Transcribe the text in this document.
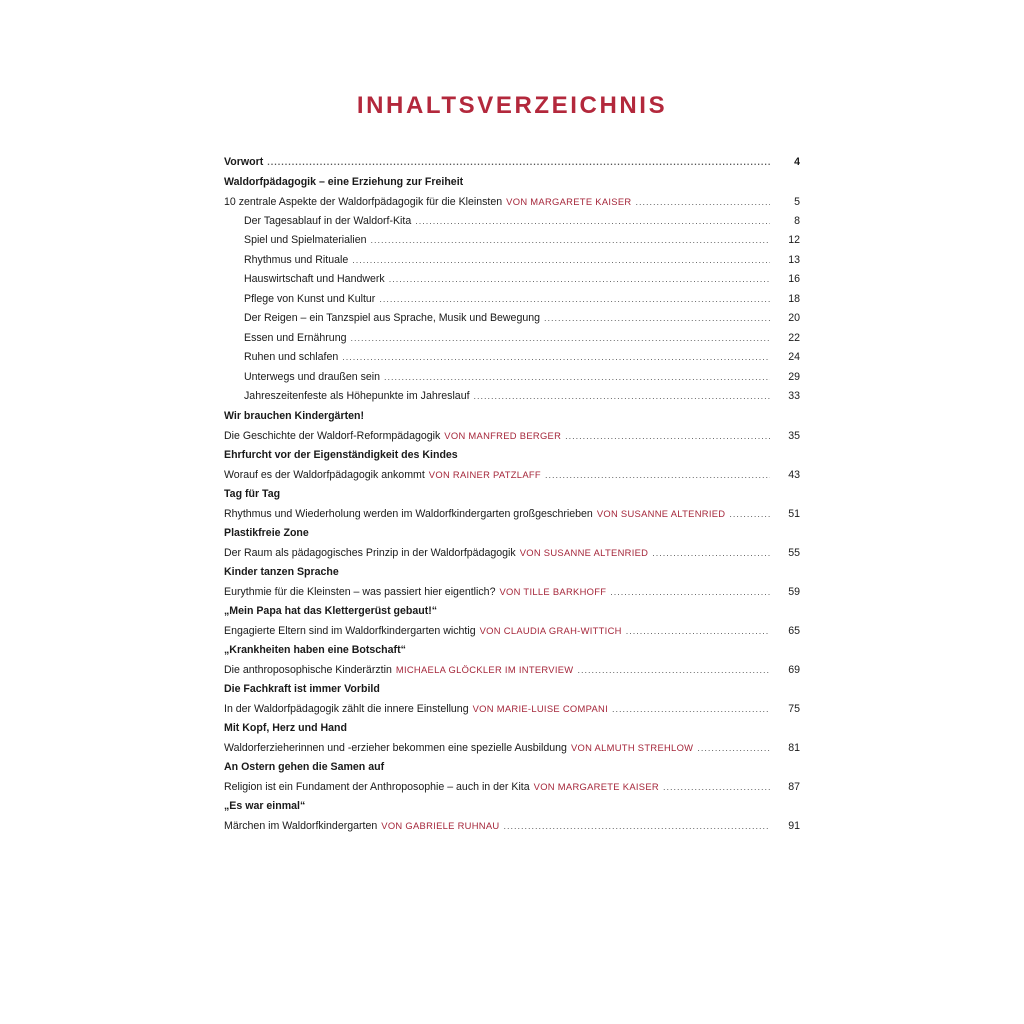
INHALTSVERZEICHNIS
Vorwort .....	4
Waldorfpädagogik – eine Erziehung zur Freiheit
10 zentrale Aspekte der Waldorfpädagogik für die Kleinsten VON MARGARETE KAISER .....	5
Der Tagesablauf in der Waldorf-Kita .....	8
Spiel und Spielmaterialien .....	12
Rhythmus und Rituale .....	13
Hauswirtschaft und Handwerk .....	16
Pflege von Kunst und Kultur .....	18
Der Reigen – ein Tanzspiel aus Sprache, Musik und Bewegung .....	20
Essen und Ernährung .....	22
Ruhen und schlafen .....	24
Unterwegs und draußen sein .....	29
Jahreszeitenfeste als Höhepunkte im Jahreslauf .....	33
Wir brauchen Kindergärten!
Die Geschichte der Waldorf-Reformpädagogik VON MANFRED BERGER .....	35
Ehrfurcht vor der Eigenständigkeit des Kindes
Worauf es der Waldorfpädagogik ankommt VON RAINER PATZLAFF .....	43
Tag für Tag
Rhythmus und Wiederholung werden im Waldorfkindergarten großgeschrieben VON SUSANNE ALTENRIED .....	51
Plastikfreie Zone
Der Raum als pädagogisches Prinzip in der Waldorfpädagogik VON SUSANNE ALTENRIED .....	55
Kinder tanzen Sprache
Eurythmie für die Kleinsten – was passiert hier eigentlich? VON TILLE BARKHOFF .....	59
„Mein Papa hat das Klettergerüst gebaut!“
Engagierte Eltern sind im Waldorfkindergarten wichtig VON CLAUDIA GRAH-WITTICH .....	65
„Krankheiten haben eine Botschaft“
Die anthroposophische Kinderärztin MICHAELA GLÖCKLER IM INTERVIEW .....	69
Die Fachkraft ist immer Vorbild
In der Waldorfpädagogik zählt die innere Einstellung VON MARIE-LUISE COMPANI .....	75
Mit Kopf, Herz und Hand
Waldorferzieherinnen und -erzieher bekommen eine spezielle Ausbildung VON ALMUTH STREHLOW .....	81
An Ostern gehen die Samen auf
Religion ist ein Fundament der Anthroposophie – auch in der Kita VON MARGARETE KAISER .....	87
„Es war einmal“
Märchen im Waldorfkindergarten VON GABRIELE RUHNAU .....	91
